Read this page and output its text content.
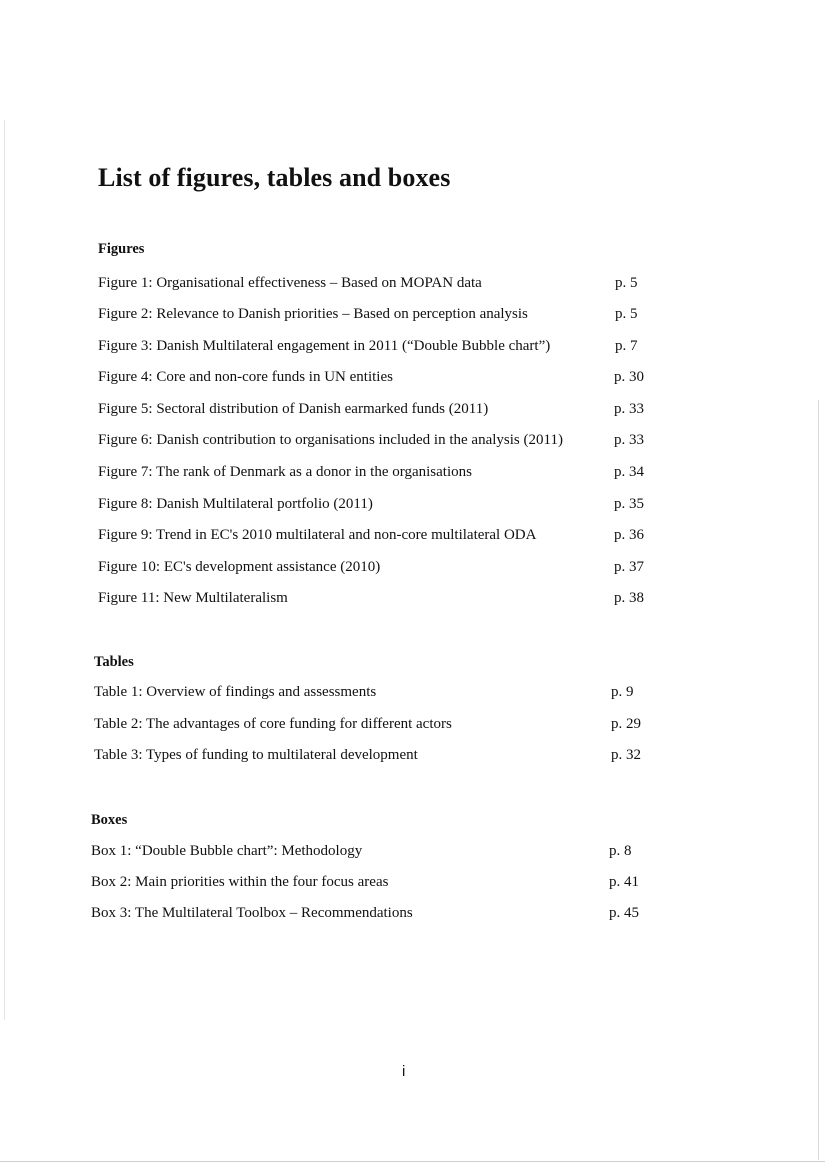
List of figures, tables and boxes
Figures
Figure 1: Organisational effectiveness – Based on MOPAN data	p. 5
Figure 2: Relevance to Danish priorities – Based on perception analysis	p. 5
Figure 3: Danish Multilateral engagement in 2011 (“Double Bubble chart”)	p. 7
Figure 4: Core and non-core funds in UN entities	p. 30
Figure 5: Sectoral distribution of Danish earmarked funds (2011)	p. 33
Figure 6: Danish contribution to organisations included in the analysis (2011)	p. 33
Figure 7: The rank of Denmark as a donor in the organisations	p. 34
Figure 8: Danish Multilateral portfolio (2011)	p. 35
Figure 9: Trend in EC's 2010 multilateral and non-core multilateral ODA	p. 36
Figure 10: EC's development assistance (2010)	p. 37
Figure 11: New Multilateralism	p. 38
Tables
Table 1: Overview of findings and assessments	p. 9
Table 2: The advantages of core funding for different actors	p. 29
Table 3: Types of funding to multilateral development	p. 32
Boxes
Box 1: “Double Bubble chart”: Methodology	p. 8
Box 2: Main priorities within the four focus areas	p. 41
Box 3: The Multilateral Toolbox – Recommendations	p. 45
i
